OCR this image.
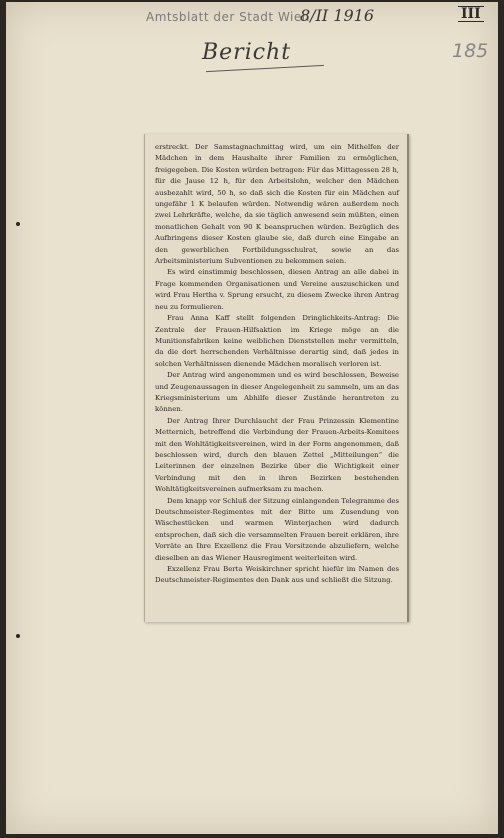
Amtsblatt der Stadt Wien
8/II 1916	III
185
Bericht

erstreckt. Der Samstagnachmittag wird, um ein Mithelfen der Mädchen in dem Haushalte ihrer Familien zu ermöglichen, freigegeben. Die Kosten würden betragen: Für das Mittagessen 28 h, für die Jause 12 h, für den Arbeitslohn, welcher den Mädchen ausbezahlt wird, 50 h, so daß sich die Kosten für ein Mädchen auf ungefähr 1 K belaufen würden. Notwendig wären außerdem noch zwei Lehrkräfte, welche, da sie täglich anwesend sein müßten, einen monatlichen Gehalt von 90 K beanspruchen würden. Bezüglich des Aufbringens dieser Kosten glaube sie, daß durch eine Eingabe an den gewerblichen Fortbildungsschulrat, sowie an das Arbeitsministerium Subventionen zu bekommen seien.

Es wird einstimmig beschlossen, diesen Antrag an alle dabei in Frage kommenden Organisationen und Vereine auszuschicken und wird Frau Hertha v. Sprung ersucht, zu diesem Zwecke ihren Antrag neu zu formulieren.

Frau Anna Kaff stellt folgenden Dringlichkeits-Antrag: Die Zentrale der Frauen-Hilfsaktion im Kriege möge an die Munitionsfabriken keine weiblichen Dienststellen mehr vermitteln, da die dort herrschenden Verhältnisse derartig sind, daß jedes in solchen Verhältnissen dienende Mädchen moralisch verloren ist.

Der Antrag wird angenommen und es wird beschlossen, Beweise und Zeugenaussagen in dieser Angelegenheit zu sammeln, um an das Kriegsministerium um Abhilfe dieser Zustände herantreten zu können.

Der Antrag Ihrer Durchlaucht der Frau Prinzessin Klementine Metternich, betreffend die Verbindung der Frauen-Arbeits-Komitees mit den Wohltätigkeitsvereinen, wird in der Form angenommen, daß beschlossen wird, durch den blauen Zettel „Mitteilungen“ die Leiterinnen der einzelnen Bezirke über die Wichtigkeit einer Verbindung mit den in ihren Bezirken bestehenden Wohltätigkeitsvereinen aufmerksam zu machen.

Dem knapp vor Schluß der Sitzung einlangenden Telegramme des Deutschmeister-Regimentes mit der Bitte um Zusendung von Wäschestücken und warmen Winterjachen wird dadurch entsprochen, daß sich die versammelten Frauen bereit erklären, ihre Vorräte an Ihre Exzellenz die Frau Vorsitzende abzuliefern, welche dieselben an das Wiener Hausregiment weiterleiten wird.

Exzellenz Frau Berta Weiskirchner spricht hiefür im Namen des Deutschmeister-Regimentes den Dank aus und schließt die Sitzung.
